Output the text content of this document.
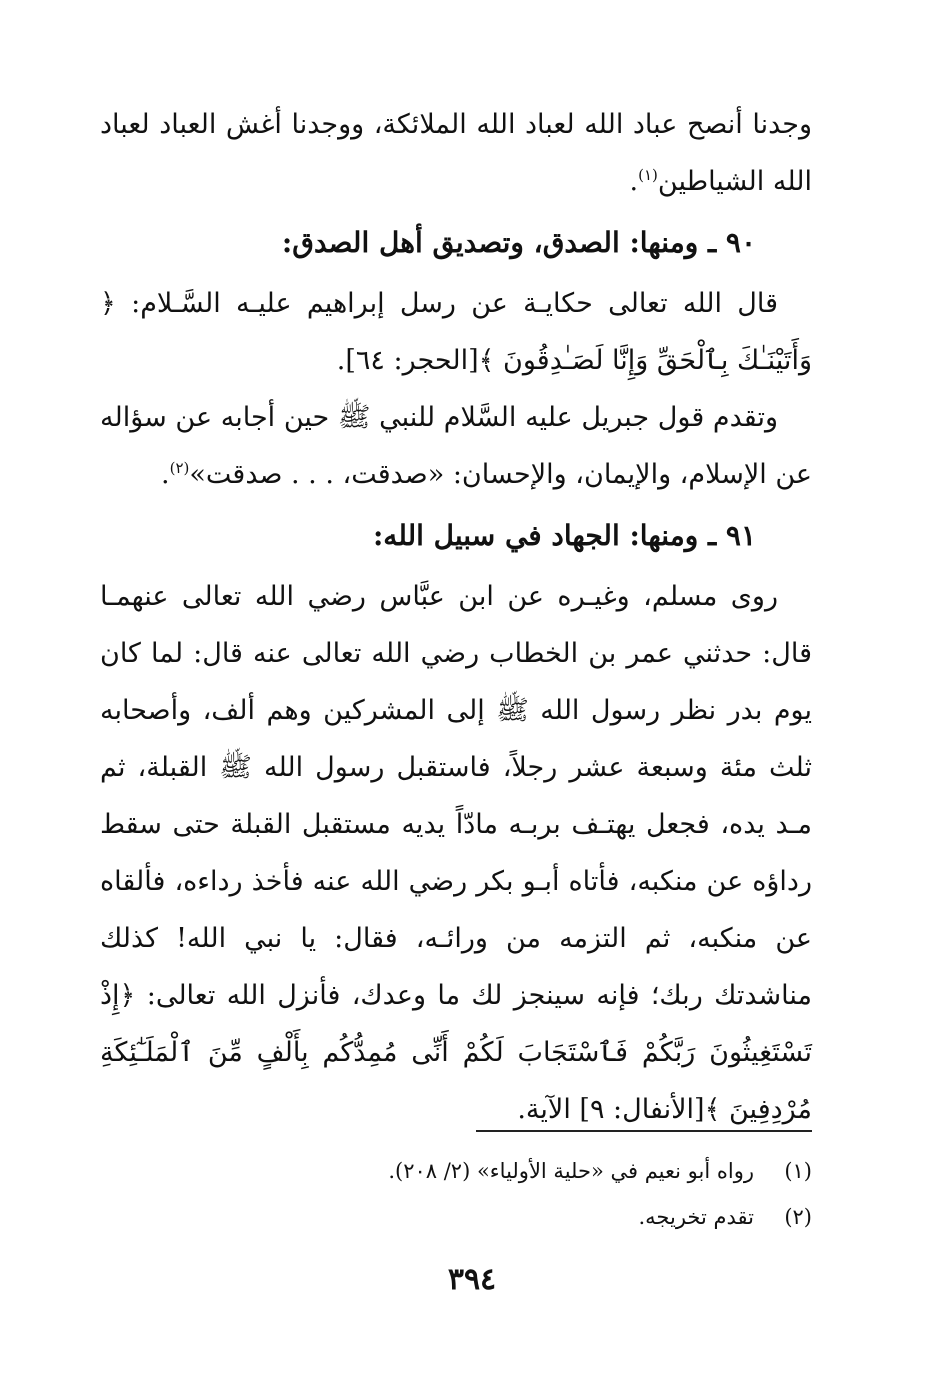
وجدنا أنصح عباد الله لعباد الله الملائكة، ووجدنا أغش العباد لعباد الله الشياطين$^{(١)}$.

٩٠ ـ ومنها: الصدق، وتصديق أهل الصدق:

قال الله تعالى حكايـة عن رسل إبراهيم عليـه السَّـلام: ﴿ وَأَتَيْنَـٰكَ بِٱلْحَقِّ وَإِنَّا لَصَـٰدِقُونَ ﴾[الحجر: ٦٤].

وتقدم قول جبريل عليه السَّلام للنبي ﷺ حين أجابه عن سؤاله عن الإسلام، والإيمان، والإحسان: «صدقت، . . . صدقت»$^{(٢)}$.

٩١ ـ ومنها: الجهاد في سبيل الله:

روى مسلم، وغيـره عن ابن عبَّاس رضي الله تعالى عنهمـا قال: حدثني عمر بن الخطاب رضي الله تعالى عنه قال: لما كان يوم بدر نظر رسول الله ﷺ إلى المشركين وهم ألف، وأصحابه ثلث مئة وسبعة عشر رجلاً، فاستقبل رسول الله ﷺ القبلة، ثم مـد يده، فجعل يهتـف بربـه مادّاً يديه مستقبل القبلة حتى سقط رداؤه عن منكبه، فأتاه أبـو بكر رضي الله عنه فأخذ رداءه، فألقاه عن منكبه، ثم التزمه من ورائـه، فقال: يا نبي الله! كذلك مناشدتك ربك؛ فإنه سينجز لك ما وعدك، فأنزل الله تعالى: ﴿إِذْ تَسْتَغِيثُونَ رَبَّكُمْ فَٱسْتَجَابَ لَكُمْ أَنِّى مُمِدُّكُم بِأَلْفٍ مِّنَ ٱلْمَلَـٰٓئِكَةِ مُرْدِفِينَ ﴾[الأنفال: ٩] الآية.

(١)
رواه أبو نعيم في «حلية الأولياء» (٢/ ٢٠٨).
(٢)
تقدم تخريجه.
٣٩٤
